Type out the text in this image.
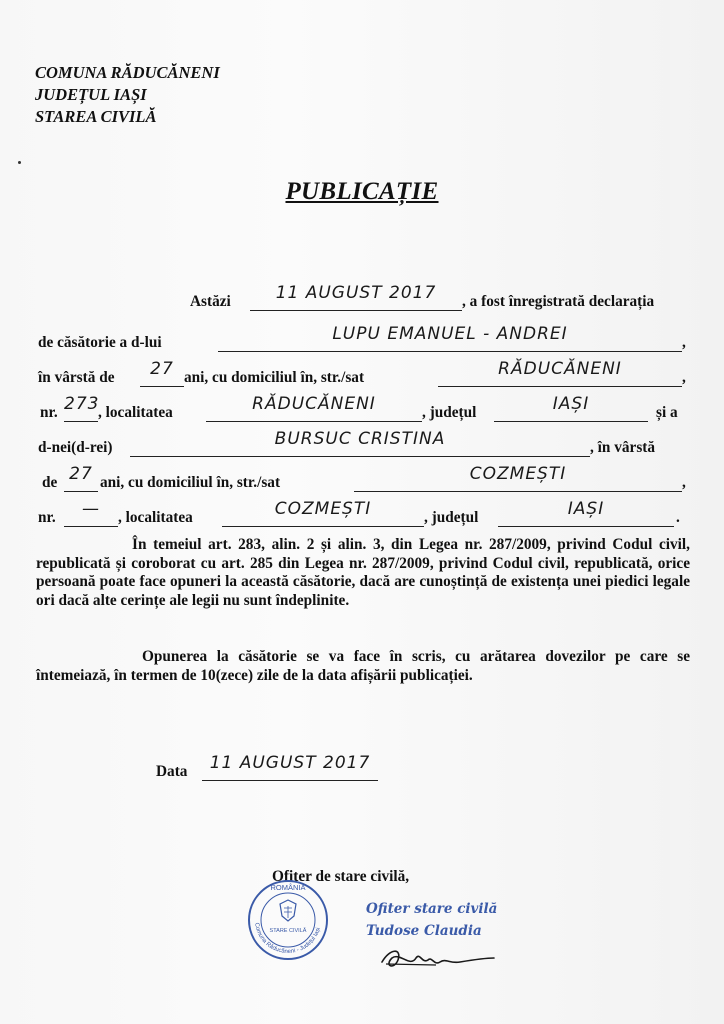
COMUNA RĂDUCĂNENI
JUDEȚUL IAȘI
STAREA CIVILĂ
PUBLICAȚIE
Astăzi	11 AUGUST 2017	, a fost înregistrată declarația
de căsătorie a d-lui	LUPU EMANUEL - ANDREI	,
în vârstă de	27 ani, cu domiciliul în, str./sat	RĂDUCĂNENI	,
nr. 273
, localitatea	RĂDUCĂNENI	, județul	IAȘI	și a
d-nei(d-rei)	BURSUC CRISTINA	, în vârstă
de 27 ani, cu domiciliul în, str./sat	COZMEȘTI	,
nr.	—	, localitatea	COZMEȘTI	, județul	IAȘI	.
În temeiul art. 283, alin. 2 și alin. 3, din Legea nr. 287/2009, privind Codul civil, republicată și coroborat cu art. 285 din Legea nr. 287/2009, privind Codul civil, republicată, orice persoană poate face opuneri la această căsătorie, dacă are cunoștință de existența unei piedici legale ori dacă alte cerințe ale legii nu sunt îndeplinite.
Opunerea la căsătorie se va face în scris, cu arătarea dovezilor pe care se întemeiază, în termen de 10(zece) zile de la data afișării publicației.
Data	11 AUGUST 2017
Ofiter de stare civilă,
ROMÂNIA
STARE CIVILĂ
Comuna Răducăneni - Județul Iași
Ofiter stare civilă
Tudose Claudia
